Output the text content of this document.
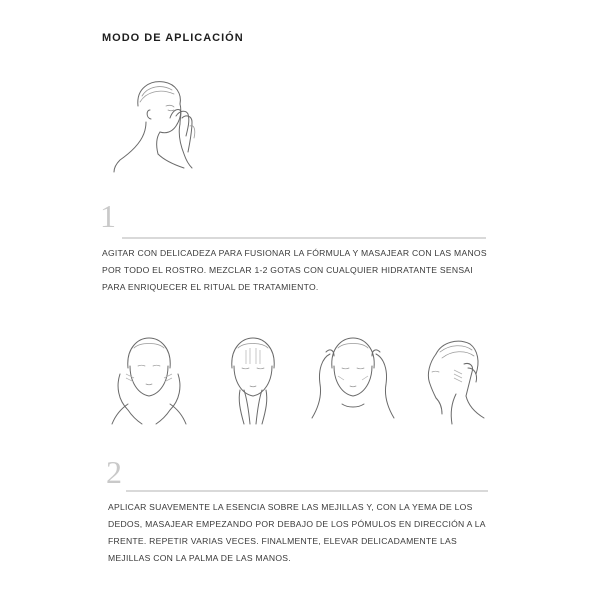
MODO DE APLICACIÓN
1
AGITAR CON DELICADEZA PARA FUSIONAR LA FÓRMULA Y MASAJEAR CON LAS MANOS POR TODO EL ROSTRO. MEZCLAR 1-2 GOTAS CON CUALQUIER HIDRATANTE SENSAI PARA ENRIQUECER EL RITUAL DE TRATAMIENTO.
2
APLICAR SUAVEMENTE LA ESENCIA SOBRE LAS MEJILLAS Y, CON LA YEMA DE LOS DEDOS, MASAJEAR EMPEZANDO POR DEBAJO DE LOS PÓMULOS EN DIRECCIÓN A LA FRENTE. REPETIR VARIAS VECES. FINALMENTE, ELEVAR DELICADAMENTE LAS MEJILLAS CON LA PALMA DE LAS MANOS.
